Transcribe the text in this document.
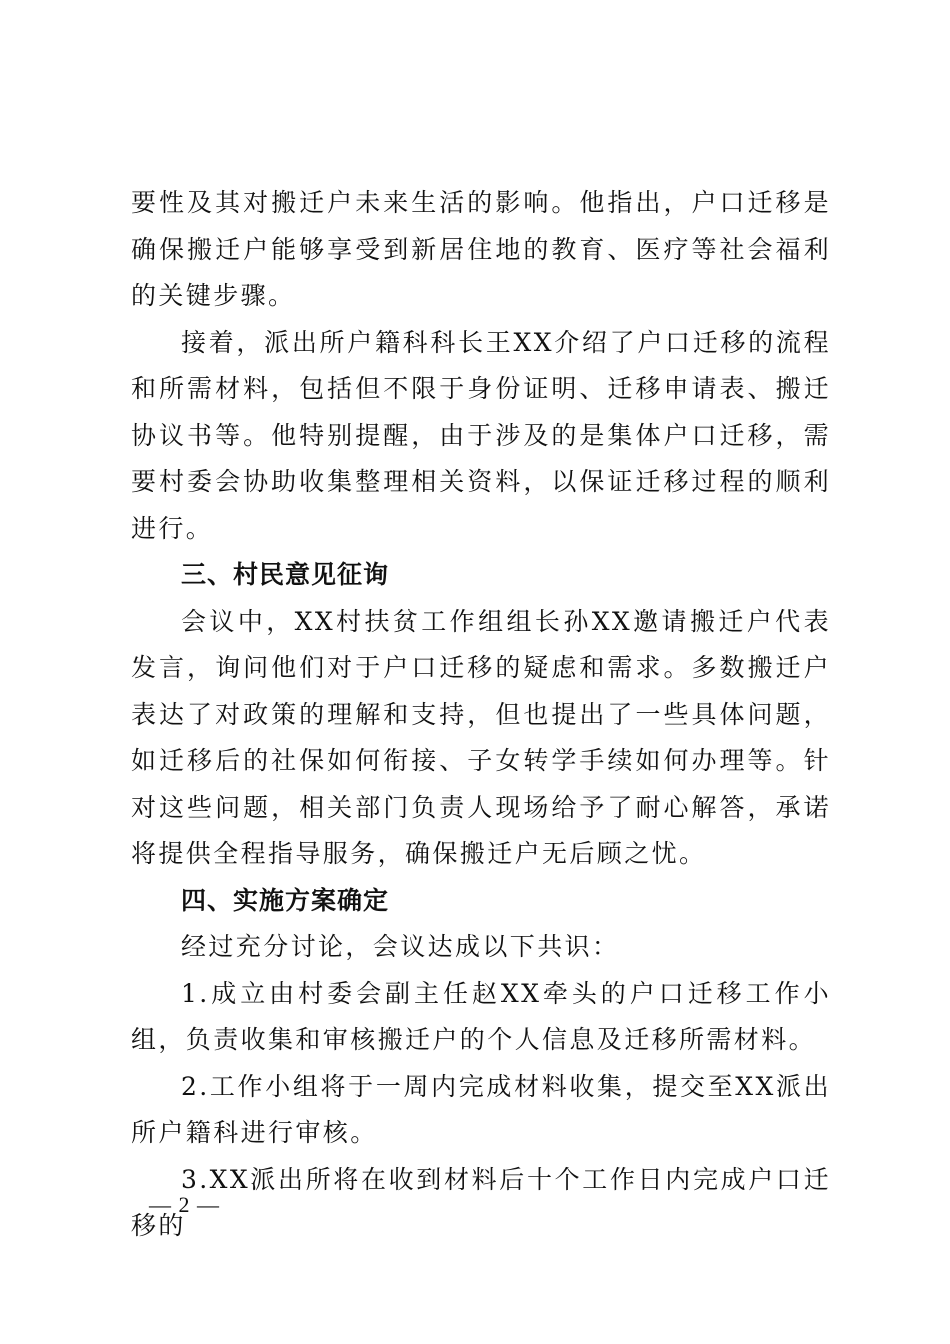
要性及其对搬迁户未来生活的影响。他指出，户口迁移是确保搬迁户能够享受到新居住地的教育、医疗等社会福利的关键步骤。

接着，派出所户籍科科长王XX介绍了户口迁移的流程和所需材料，包括但不限于身份证明、迁移申请表、搬迁协议书等。他特别提醒，由于涉及的是集体户口迁移，需要村委会协助收集整理相关资料，以保证迁移过程的顺利进行。

三、村民意见征询

会议中，XX村扶贫工作组组长孙XX邀请搬迁户代表发言，询问他们对于户口迁移的疑虑和需求。多数搬迁户表达了对政策的理解和支持，但也提出了一些具体问题，如迁移后的社保如何衔接、子女转学手续如何办理等。针对这些问题，相关部门负责人现场给予了耐心解答，承诺将提供全程指导服务，确保搬迁户无后顾之忧。

四、实施方案确定

经过充分讨论，会议达成以下共识：

1.成立由村委会副主任赵XX牵头的户口迁移工作小组，负责收集和审核搬迁户的个人信息及迁移所需材料。

2.工作小组将于一周内完成材料收集，提交至XX派出所户籍科进行审核。

3.XX派出所将在收到材料后十个工作日内完成户口迁移的

— 2 —
